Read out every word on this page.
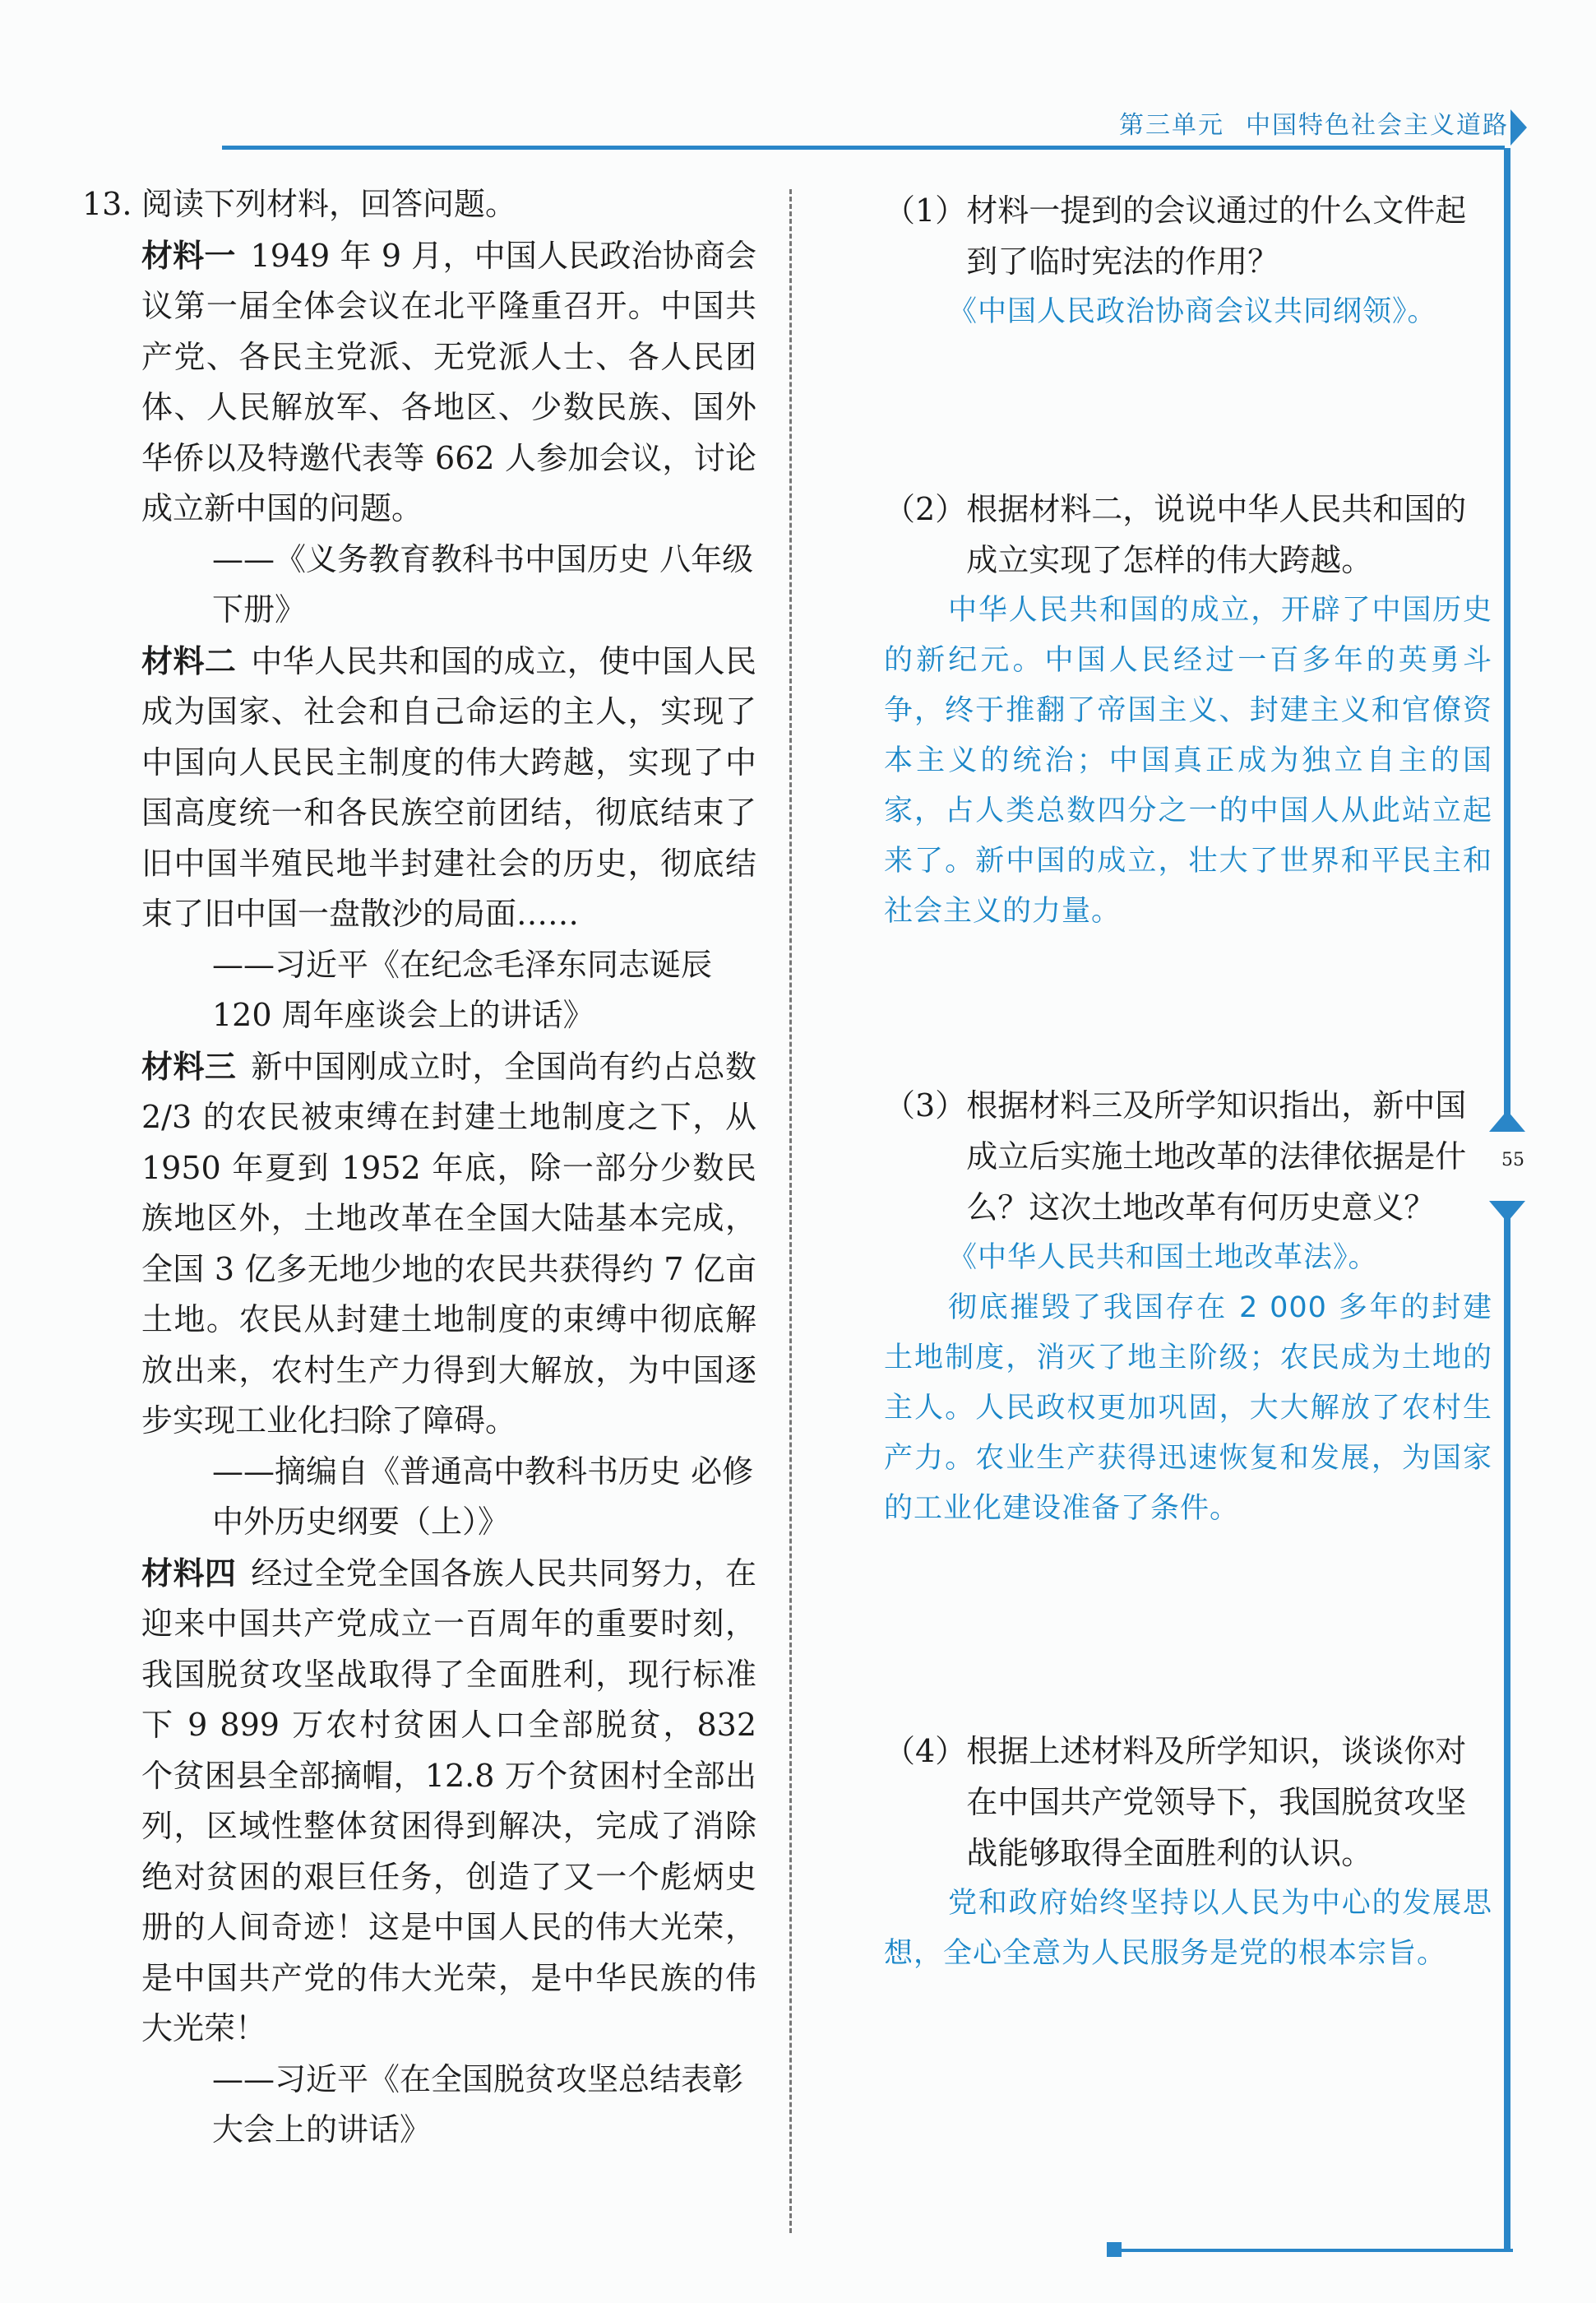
第三单元 中国特色社会主义道路
55
13. 阅读下列材料，回答问题。
材料一 1949 年 9 月，中国人民政治协商会议第一届全体会议在北平隆重召开。中国共产党、各民主党派、无党派人士、各人民团体、人民解放军、各地区、少数民族、国外华侨以及特邀代表等 662 人参加会议，讨论成立新中国的问题。
——《义务教育教科书中国历史 八年级 下册》
材料二 中华人民共和国的成立，使中国人民成为国家、社会和自己命运的主人，实现了中国向人民民主制度的伟大跨越，实现了中国高度统一和各民族空前团结，彻底结束了旧中国半殖民地半封建社会的历史，彻底结束了旧中国一盘散沙的局面……
——习近平《在纪念毛泽东同志诞辰 120 周年座谈会上的讲话》
材料三 新中国刚成立时，全国尚有约占总数 2/3 的农民被束缚在封建土地制度之下，从 1950 年夏到 1952 年底，除一部分少数民族地区外，土地改革在全国大陆基本完成，全国 3 亿多无地少地的农民共获得约 7 亿亩土地。农民从封建土地制度的束缚中彻底解放出来，农村生产力得到大解放，为中国逐步实现工业化扫除了障碍。
——摘编自《普通高中教科书历史 必修 中外历史纲要（上）》
材料四 经过全党全国各族人民共同努力，在迎来中国共产党成立一百周年的重要时刻，我国脱贫攻坚战取得了全面胜利，现行标准下 9 899 万农村贫困人口全部脱贫，832 个贫困县全部摘帽，12.8 万个贫困村全部出列，区域性整体贫困得到解决，完成了消除绝对贫困的艰巨任务，创造了又一个彪炳史册的人间奇迹！这是中国人民的伟大光荣，是中国共产党的伟大光荣，是中华民族的伟大光荣！
——习近平《在全国脱贫攻坚总结表彰大会上的讲话》
（1） 材料一提到的会议通过的什么文件起到了临时宪法的作用？

《中国人民政治协商会议共同纲领》。

（2） 根据材料二，说说中华人民共和国的成立实现了怎样的伟大跨越。

中华人民共和国的成立，开辟了中国历史的新纪元。中国人民经过一百多年的英勇斗争，终于推翻了帝国主义、封建主义和官僚资本主义的统治；中国真正成为独立自主的国家，占人类总数四分之一的中国人从此站立起来了。新中国的成立，壮大了世界和平民主和社会主义的力量。

（3） 根据材料三及所学知识指出，新中国成立后实施土地改革的法律依据是什么？这次土地改革有何历史意义？

《中华人民共和国土地改革法》。

彻底摧毁了我国存在 2 000 多年的封建土地制度，消灭了地主阶级；农民成为土地的主人。人民政权更加巩固，大大解放了农村生产力。农业生产获得迅速恢复和发展，为国家的工业化建设准备了条件。

（4） 根据上述材料及所学知识，谈谈你对在中国共产党领导下，我国脱贫攻坚战能够取得全面胜利的认识。

党和政府始终坚持以人民为中心的发展思想，全心全意为人民服务是党的根本宗旨。
